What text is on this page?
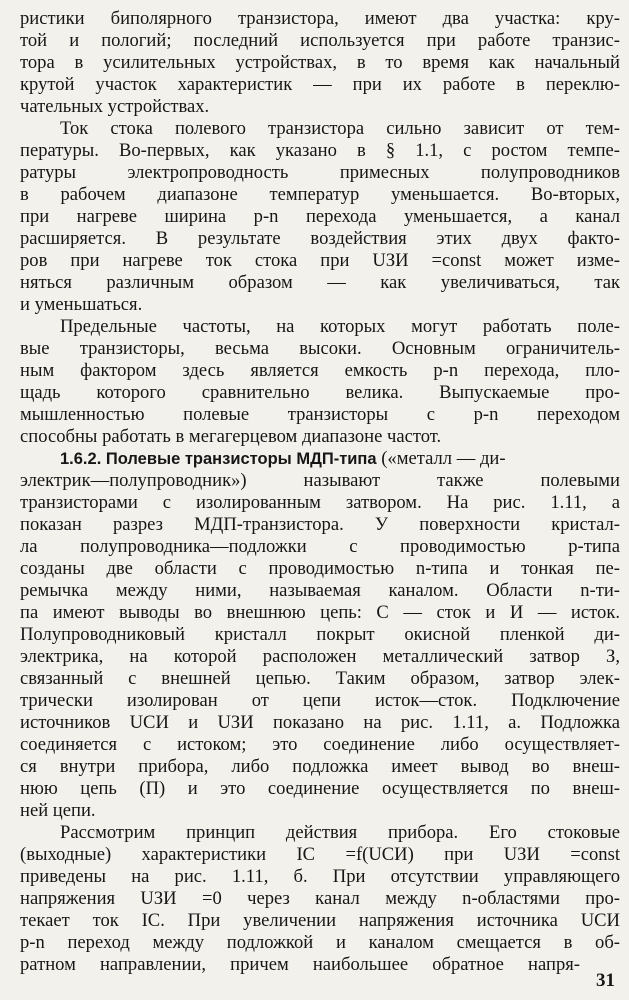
ристики биполярного транзистора, имеют два участка: кру-
той и пологий; последний используется при работе транзис-
тора в усилительных устройствах, в то время как начальный
крутой участок характеристик — при их работе в переклю-
чательных устройствах.
Ток стока полевого транзистора сильно зависит от тем-
пературы. Во-первых, как указано в § 1.1, с ростом темпе-
ратуры электропроводность примесных полупроводников
в рабочем диапазоне температур уменьшается. Во-вторых,
при нагреве ширина p-n перехода уменьшается, а канал
расширяется. В результате воздействия этих двух факто-
ров при нагреве ток стока при UЗИ =const может изме-
няться различным образом — как увеличиваться, так
и уменьшаться.
Предельные частоты, на которых могут работать поле-
вые транзисторы, весьма высоки. Основным ограничитель-
ным фактором здесь является емкость p-n перехода, пло-
щадь которого сравнительно велика. Выпускаемые про-
мышленностью полевые транзисторы с p-n переходом
способны работать в мегагерцевом диапазоне частот.
1.6.2. Полевые транзисторы МДП-типа («металл — ди-
электрик—полупроводник») называют также полевыми
транзисторами с изолированным затвором. На рис. 1.11, а
показан разрез МДП-транзистора. У поверхности кристал-
ла полупроводника—подложки с проводимостью p-типа
созданы две области с проводимостью n-типа и тонкая пе-
ремычка между ними, называемая каналом. Области n-ти-
па имеют выводы во внешнюю цепь: С — сток и И — исток.
Полупроводниковый кристалл покрыт окисной пленкой ди-
электрика, на которой расположен металлический затвор З,
связанный с внешней цепью. Таким образом, затвор элек-
трически изолирован от цепи исток—сток. Подключение
источников UСИ и UЗИ показано на рис. 1.11, а. Подложка
соединяется с истоком; это соединение либо осуществляет-
ся внутри прибора, либо подложка имеет вывод во внеш-
нюю цепь (П) и это соединение осуществляется по внеш-
ней цепи.
Рассмотрим принцип действия прибора. Его стоковые
(выходные) характеристики IC =f(UСИ) при UЗИ =const
приведены на рис. 1.11, б. При отсутствии управляющего
напряжения UЗИ =0 через канал между n-областями про-
текает ток IC. При увеличении напряжения источника UСИ
p-n переход между подложкой и каналом смещается в об-
ратном направлении, причем наибольшее обратное напря-
31
